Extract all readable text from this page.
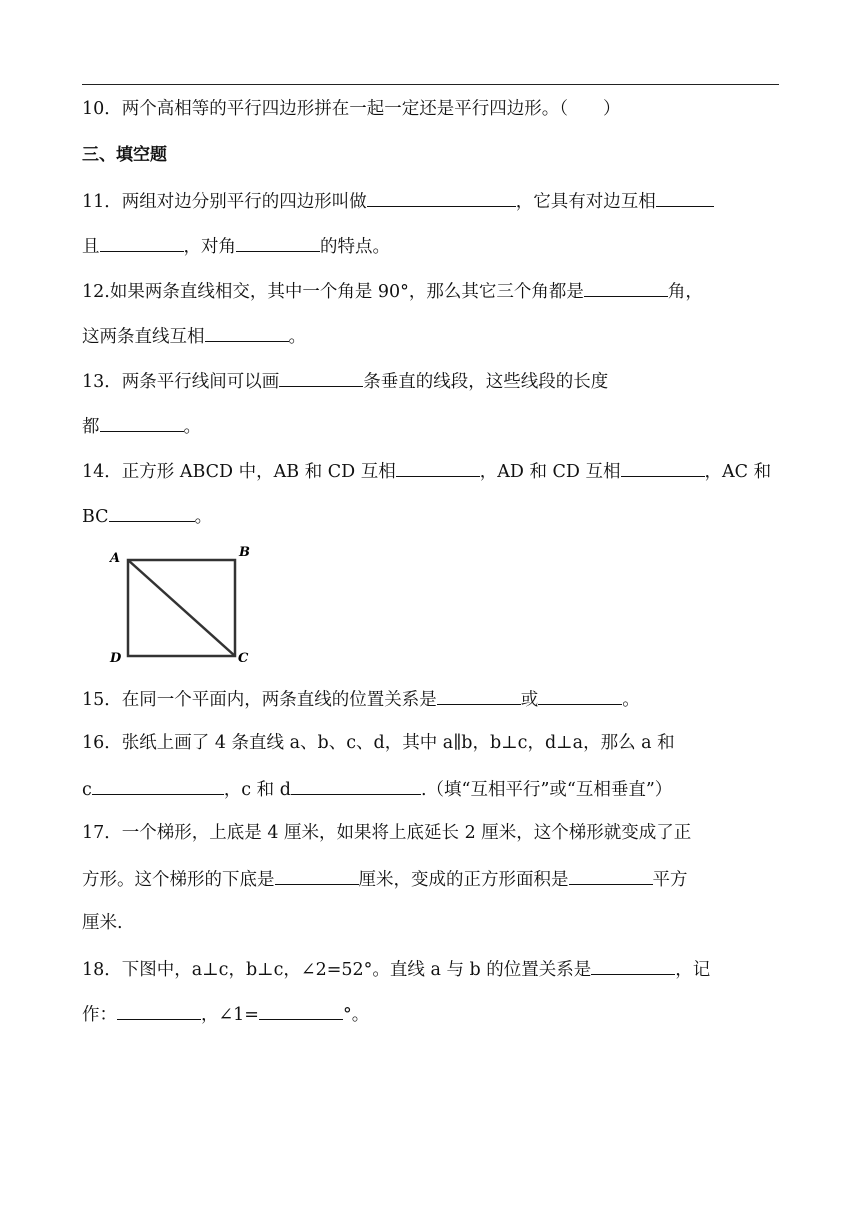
10．两个高相等的平行四边形拼在一起一定还是平行四边形。（　　）
三、填空题
11．两组对边分别平行的四边形叫做	，它具有对边互相
且	，对角	的特点。
12.如果两条直线相交，其中一个角是 90°，那么其它三个角都是	角，
这两条直线互相	。
13．两条平行线间可以画	条垂直的线段，这些线段的长度
都	。
14．正方形 ABCD 中，AB 和 CD 互相	，AD 和 CD 互相	，AC 和
BC	。
A	B
C
D
15．在同一个平面内，两条直线的位置关系是	或	。
16．张纸上画了 4 条直线 a、b、c、d，其中 a∥b，b⊥c，d⊥a，那么 a 和
c	，c 和 d	.（填“互相平行”或“互相垂直”）
17．一个梯形，上底是 4 厘米，如果将上底延长 2 厘米，这个梯形就变成了正
方形。这个梯形的下底是	厘米，变成的正方形面积是	平方
厘米.
18．下图中，a⊥c，b⊥c，∠2=52°。直线 a 与 b 的位置关系是	，记
作：	，∠1=	°。
